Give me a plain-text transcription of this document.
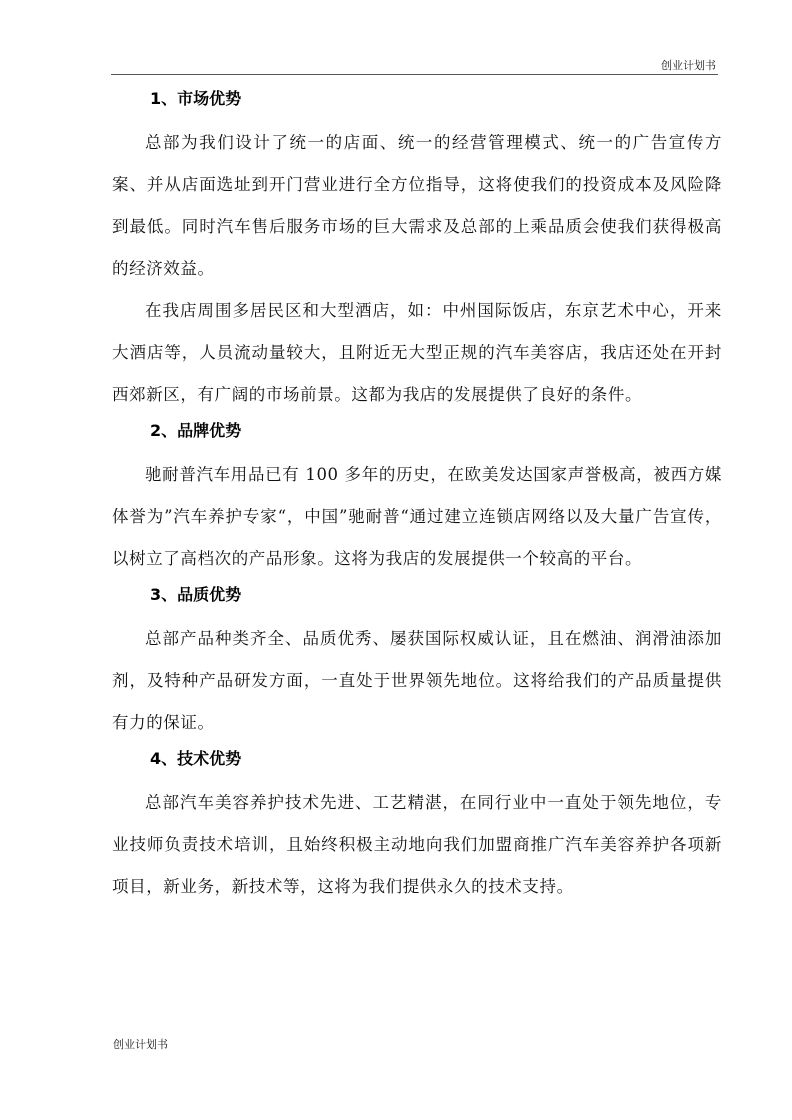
创业计划书
1、市场优势

总部为我们设计了统一的店面、统一的经营管理模式、统一的广告宣传方案、并从店面选址到开门营业进行全方位指导，这将使我们的投资成本及风险降到最低。同时汽车售后服务市场的巨大需求及总部的上乘品质会使我们获得极高的经济效益。

在我店周围多居民区和大型酒店，如：中州国际饭店，东京艺术中心，开来大酒店等，人员流动量较大，且附近无大型正规的汽车美容店，我店还处在开封西郊新区，有广阔的市场前景。这都为我店的发展提供了良好的条件。

2、品牌优势

驰耐普汽车用品已有 100 多年的历史，在欧美发达国家声誉极高，被西方媒体誉为”汽车养护专家“，中国”驰耐普“通过建立连锁店网络以及大量广告宣传，以树立了高档次的产品形象。这将为我店的发展提供一个较高的平台。

3、品质优势

总部产品种类齐全、品质优秀、屡获国际权威认证，且在燃油、润滑油添加剂，及特种产品研发方面，一直处于世界领先地位。这将给我们的产品质量提供有力的保证。

4、技术优势

总部汽车美容养护技术先进、工艺精湛，在同行业中一直处于领先地位，专业技师负责技术培训，且始终积极主动地向我们加盟商推广汽车美容养护各项新项目，新业务，新技术等，这将为我们提供永久的技术支持。

创业计划书
